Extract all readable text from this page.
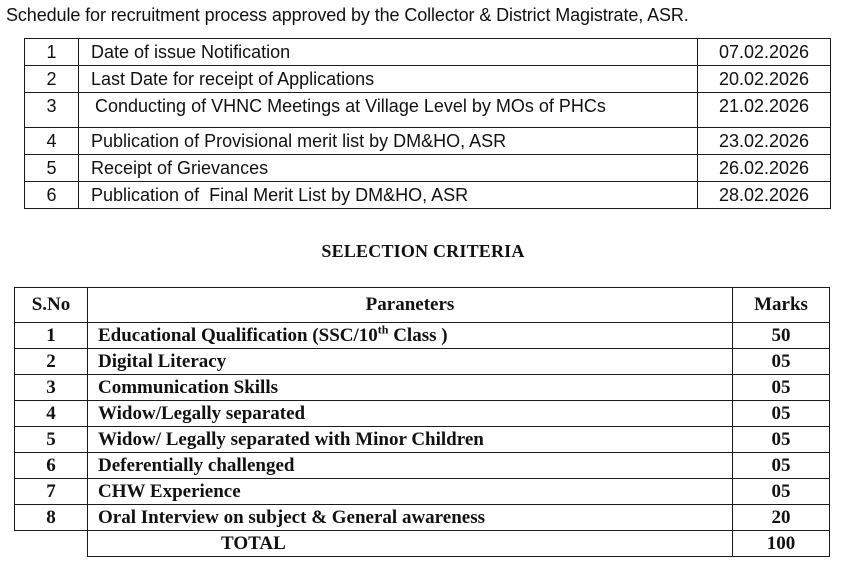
Schedule for recruitment process approved by the Collector & District Magistrate, ASR.
1	Date of issue Notification	07.02.2026
2	Last Date for receipt of Applications	20.02.2026
3	Conducting of VHNC Meetings at Village Level by MOs of PHCs	21.02.2026
4	Publication of Provisional merit list by DM&HO, ASR	23.02.2026
5	Receipt of Grievances	26.02.2026
6	Publication of  Final Merit List by DM&HO, ASR	28.02.2026
SELECTION CRITERIA
S.No	Paraneters	Marks
1	Educational Qualification (SSC/10th Class )	50
2	Digital Literacy	05
3	Communication Skills	05
4	Widow/Legally separated	05
5	Widow/ Legally separated with Minor Children	05
6	Deferentially challenged	05
7	CHW Experience	05
8	Oral Interview on subject & General awareness	20
	TOTAL	100
